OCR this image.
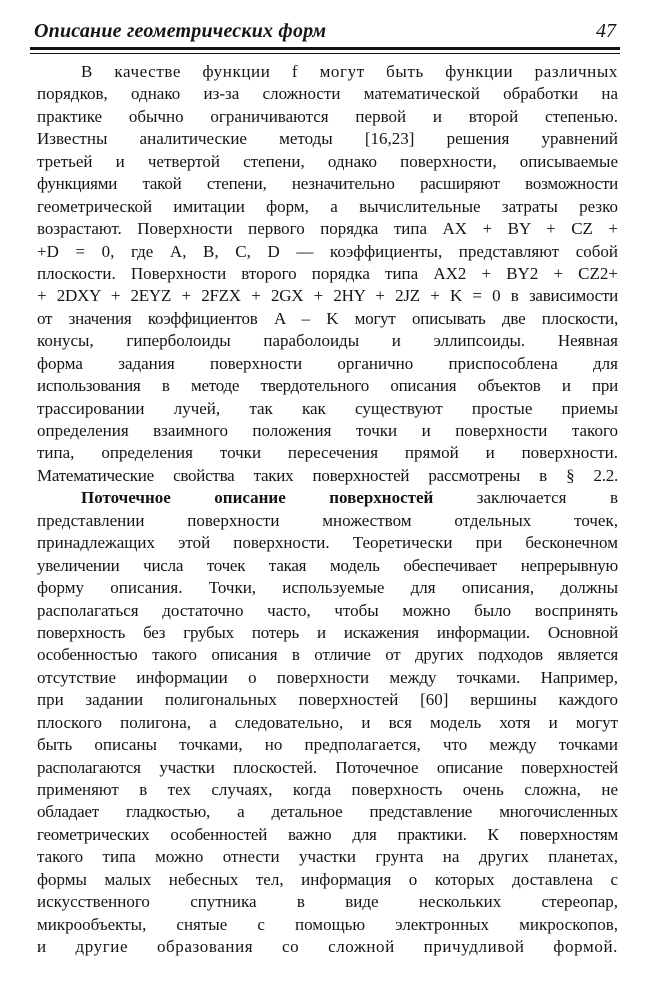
Описание геометрических форм	47
В качестве функции f могут быть функции различных
порядков, однако из-за сложности математической обработки на
практике обычно ограничиваются первой и второй степенью.
Известны аналитические методы [16,23] решения уравнений
третьей и четвертой степени, однако поверхности, описываемые
функциями такой степени, незначительно расширяют возможности
геометрической имитации форм, а вычислительные затраты резко
возрастают. Поверхности первого порядка типа AX + BY + CZ +
+D = 0, где A, B, C, D — коэффициенты, представляют собой
плоскости. Поверхности второго порядка типа AX2 + BY2 + CZ2+
+ 2DXY + 2EYZ + 2FZX + 2GX + 2HY + 2JZ + K = 0 в зависимости
от значения коэффициентов A – K могут описывать две плоскости,
конусы, гиперболоиды параболоиды и эллипсоиды. Неявная
форма задания поверхности органично приспособлена для
использования в методе твердотельного описания объектов и при
трассировании лучей, так как существуют простые приемы
определения взаимного положения точки и поверхности такого
типа, определения точки пересечения прямой и поверхности.
Математические свойства таких поверхностей рассмотрены в § 2.2.
Поточечное описание поверхностей заключается в
представлении поверхности множеством отдельных точек,
принадлежащих этой поверхности. Теоретически при бесконечном
увеличении числа точек такая модель обеспечивает непрерывную
форму описания. Точки, используемые для описания, должны
располагаться достаточно часто, чтобы можно было воспринять
поверхность без грубых потерь и искажения информации. Основной
особенностью такого описания в отличие от других подходов является
отсутствие информации о поверхности между точками. Например,
при задании полигональных поверхностей [60] вершины каждого
плоского полигона, а следовательно, и вся модель хотя и могут
быть описаны точками, но предполагается, что между точками
располагаются участки плоскостей. Поточечное описание поверхностей
применяют в тех случаях, когда поверхность очень сложна, не
обладает гладкостью, а детальное представление многочисленных
геометрических особенностей важно для практики. К поверхностям
такого типа можно отнести участки грунта на других планетах,
формы малых небесных тел, информация о которых доставлена с
искусственного спутника в виде нескольких стереопар,
микрообъекты, снятые с помощью электронных микроскопов,
и другие образования со сложной причудливой формой.
